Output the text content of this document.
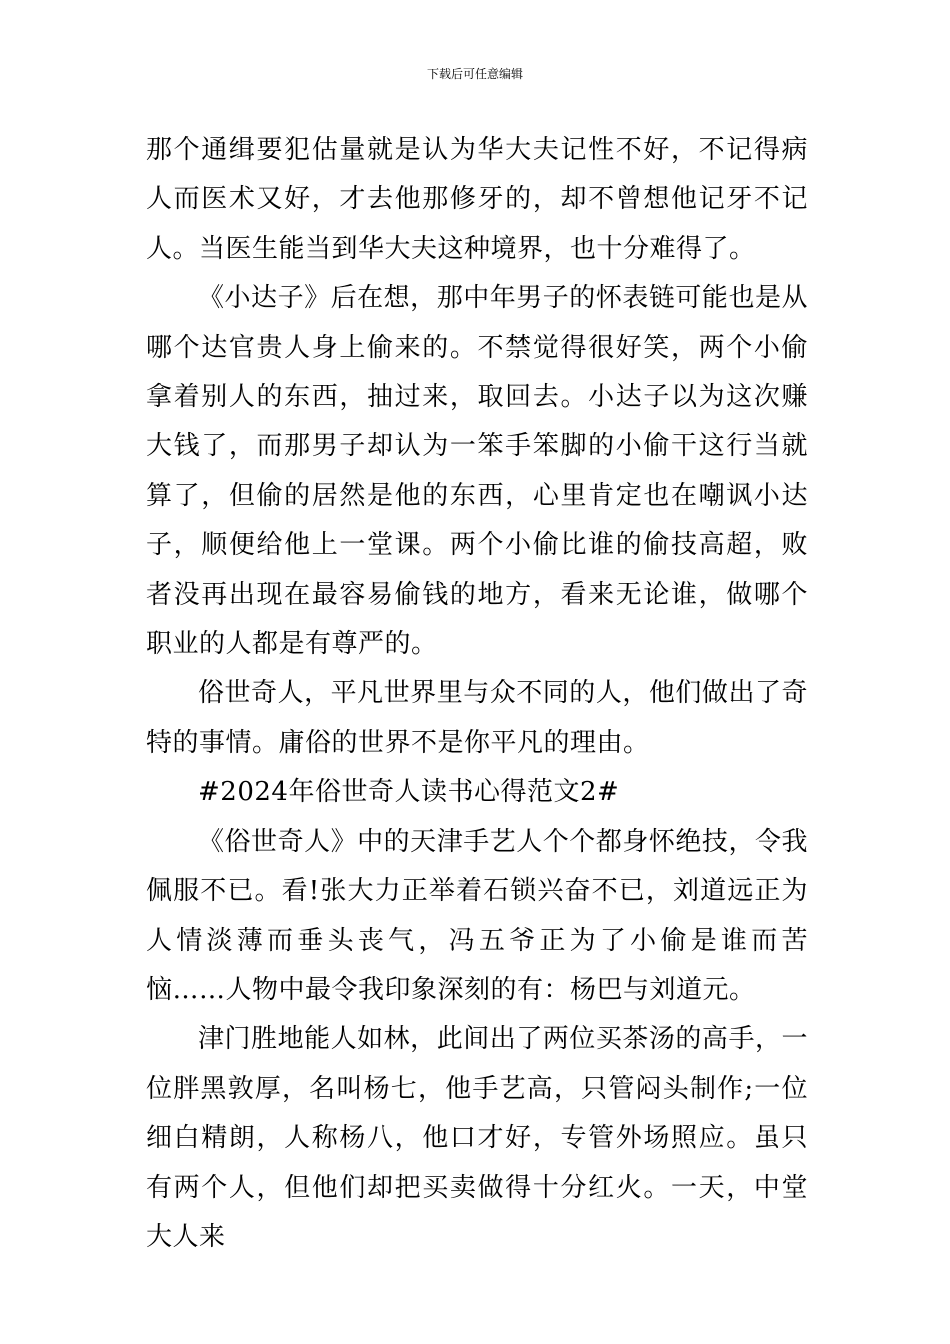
下载后可任意编辑

那个通缉要犯估量就是认为华大夫记性不好，不记得病人而医术又好，才去他那修牙的，却不曾想他记牙不记人。当医生能当到华大夫这种境界，也十分难得了。

《小达子》后在想，那中年男子的怀表链可能也是从哪个达官贵人身上偷来的。不禁觉得很好笑，两个小偷拿着别人的东西，抽过来，取回去。小达子以为这次赚大钱了，而那男子却认为一笨手笨脚的小偷干这行当就算了，但偷的居然是他的东西，心里肯定也在嘲讽小达子，顺便给他上一堂课。两个小偷比谁的偷技高超，败者没再出现在最容易偷钱的地方，看来无论谁，做哪个职业的人都是有尊严的。

俗世奇人，平凡世界里与众不同的人，他们做出了奇特的事情。庸俗的世界不是你平凡的理由。

#2024年俗世奇人读书心得范文2#

《俗世奇人》中的天津手艺人个个都身怀绝技，令我佩服不已。看!张大力正举着石锁兴奋不已，刘道远正为人情淡薄而垂头丧气，冯五爷正为了小偷是谁而苦恼……人物中最令我印象深刻的有：杨巴与刘道元。

津门胜地能人如林，此间出了两位买茶汤的高手，一位胖黑敦厚，名叫杨七，他手艺高，只管闷头制作;一位细白精朗，人称杨八，他口才好，专管外场照应。虽只有两个人，但他们却把买卖做得十分红火。一天，中堂大人来
